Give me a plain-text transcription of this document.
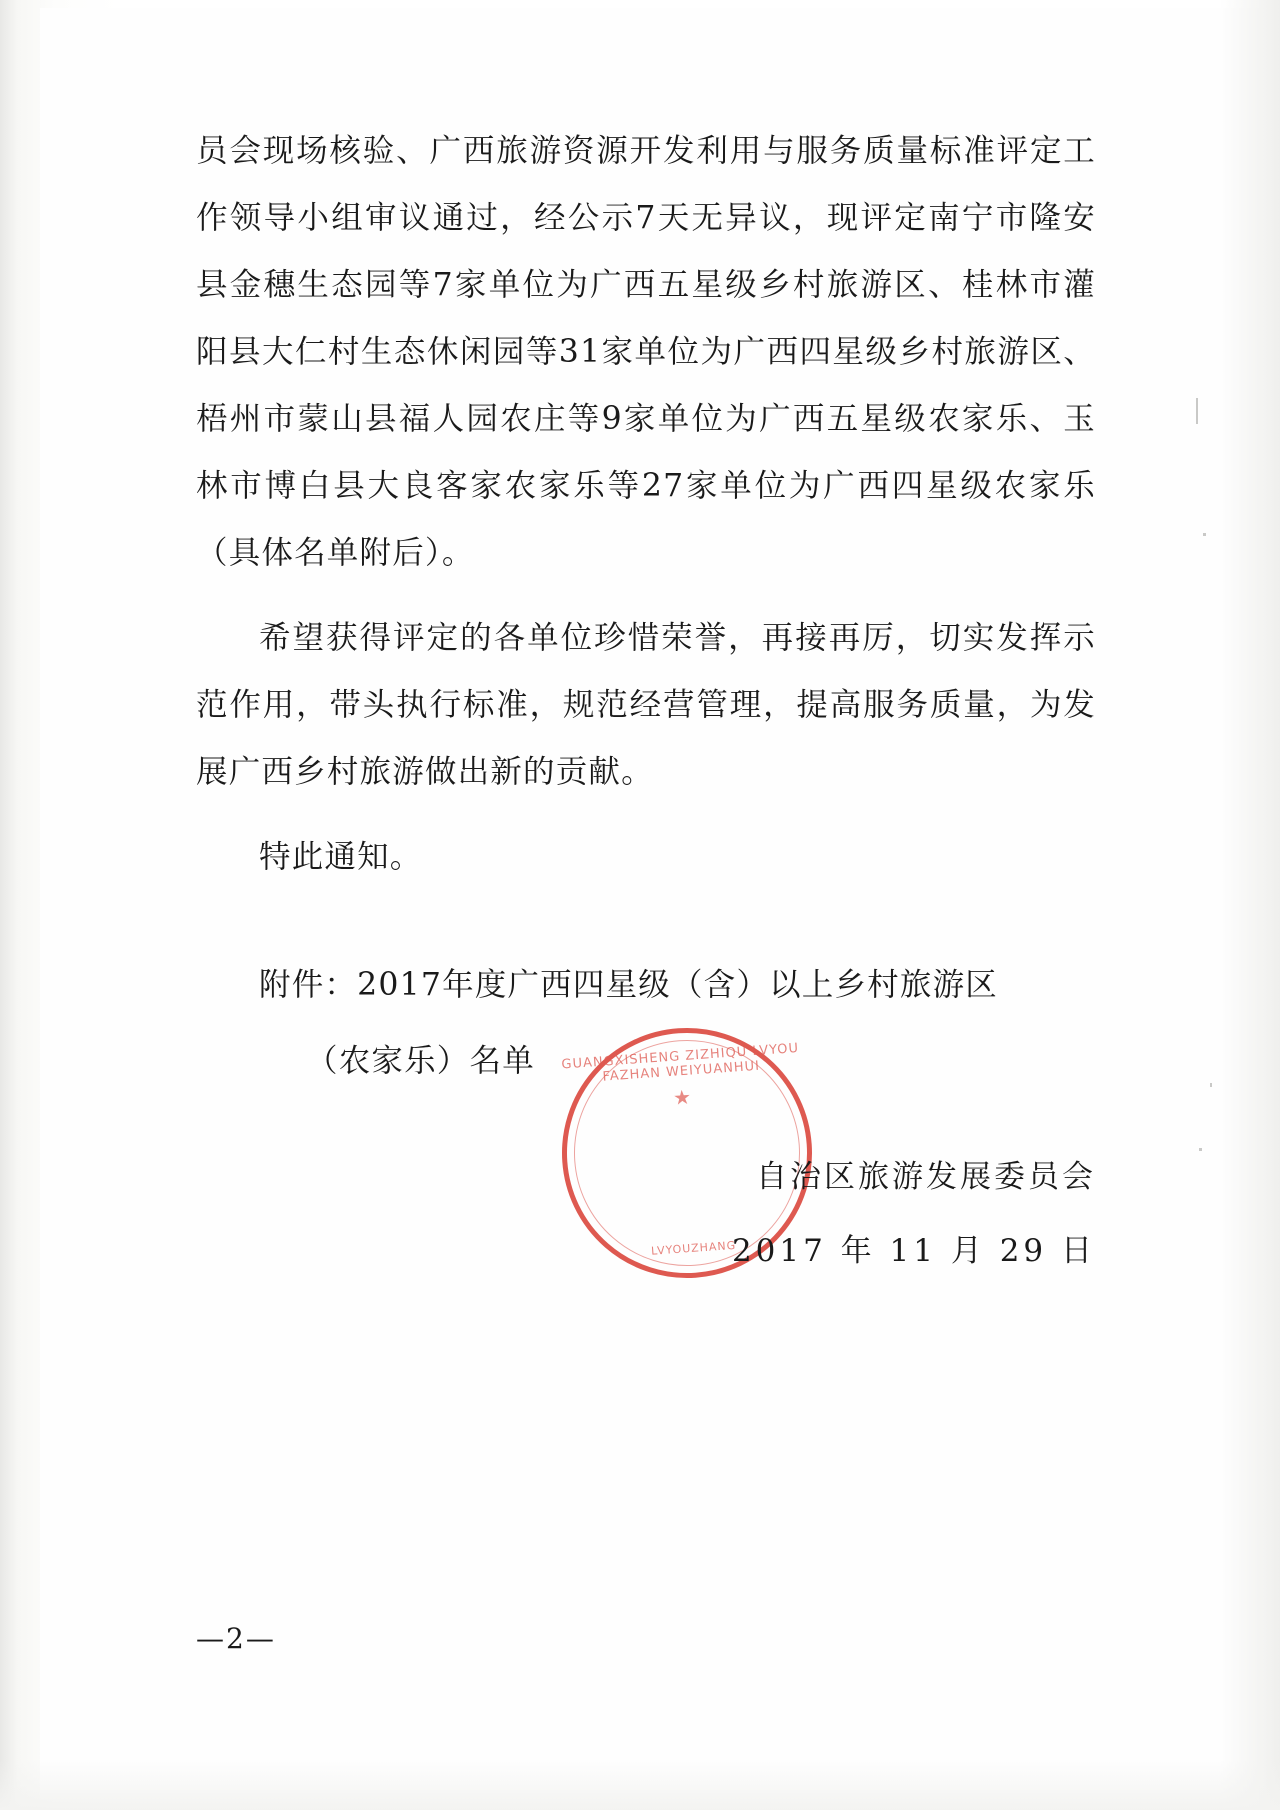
员会现场核验、广西旅游资源开发利用与服务质量标准评定工作领导小组审议通过，经公示7天无异议，现评定南宁市隆安县金穗生态园等7家单位为广西五星级乡村旅游区、桂林市灌阳县大仁村生态休闲园等31家单位为广西四星级乡村旅游区、梧州市蒙山县福人园农庄等9家单位为广西五星级农家乐、玉林市博白县大良客家农家乐等27家单位为广西四星级农家乐（具体名单附后）。

希望获得评定的各单位珍惜荣誉，再接再厉，切实发挥示范作用，带头执行标准，规范经营管理，提高服务质量，为发展广西乡村旅游做出新的贡献。

特此通知。

附件：2017年度广西四星级（含）以上乡村旅游区
（农家乐）名单	GUANGXISHENG ZIZHIQU LVYOU FAZHAN WEIYUANHUI
★
LVYOUZHANG
自治区旅游发展委员会
2017 年 11 月 29 日
—2—
